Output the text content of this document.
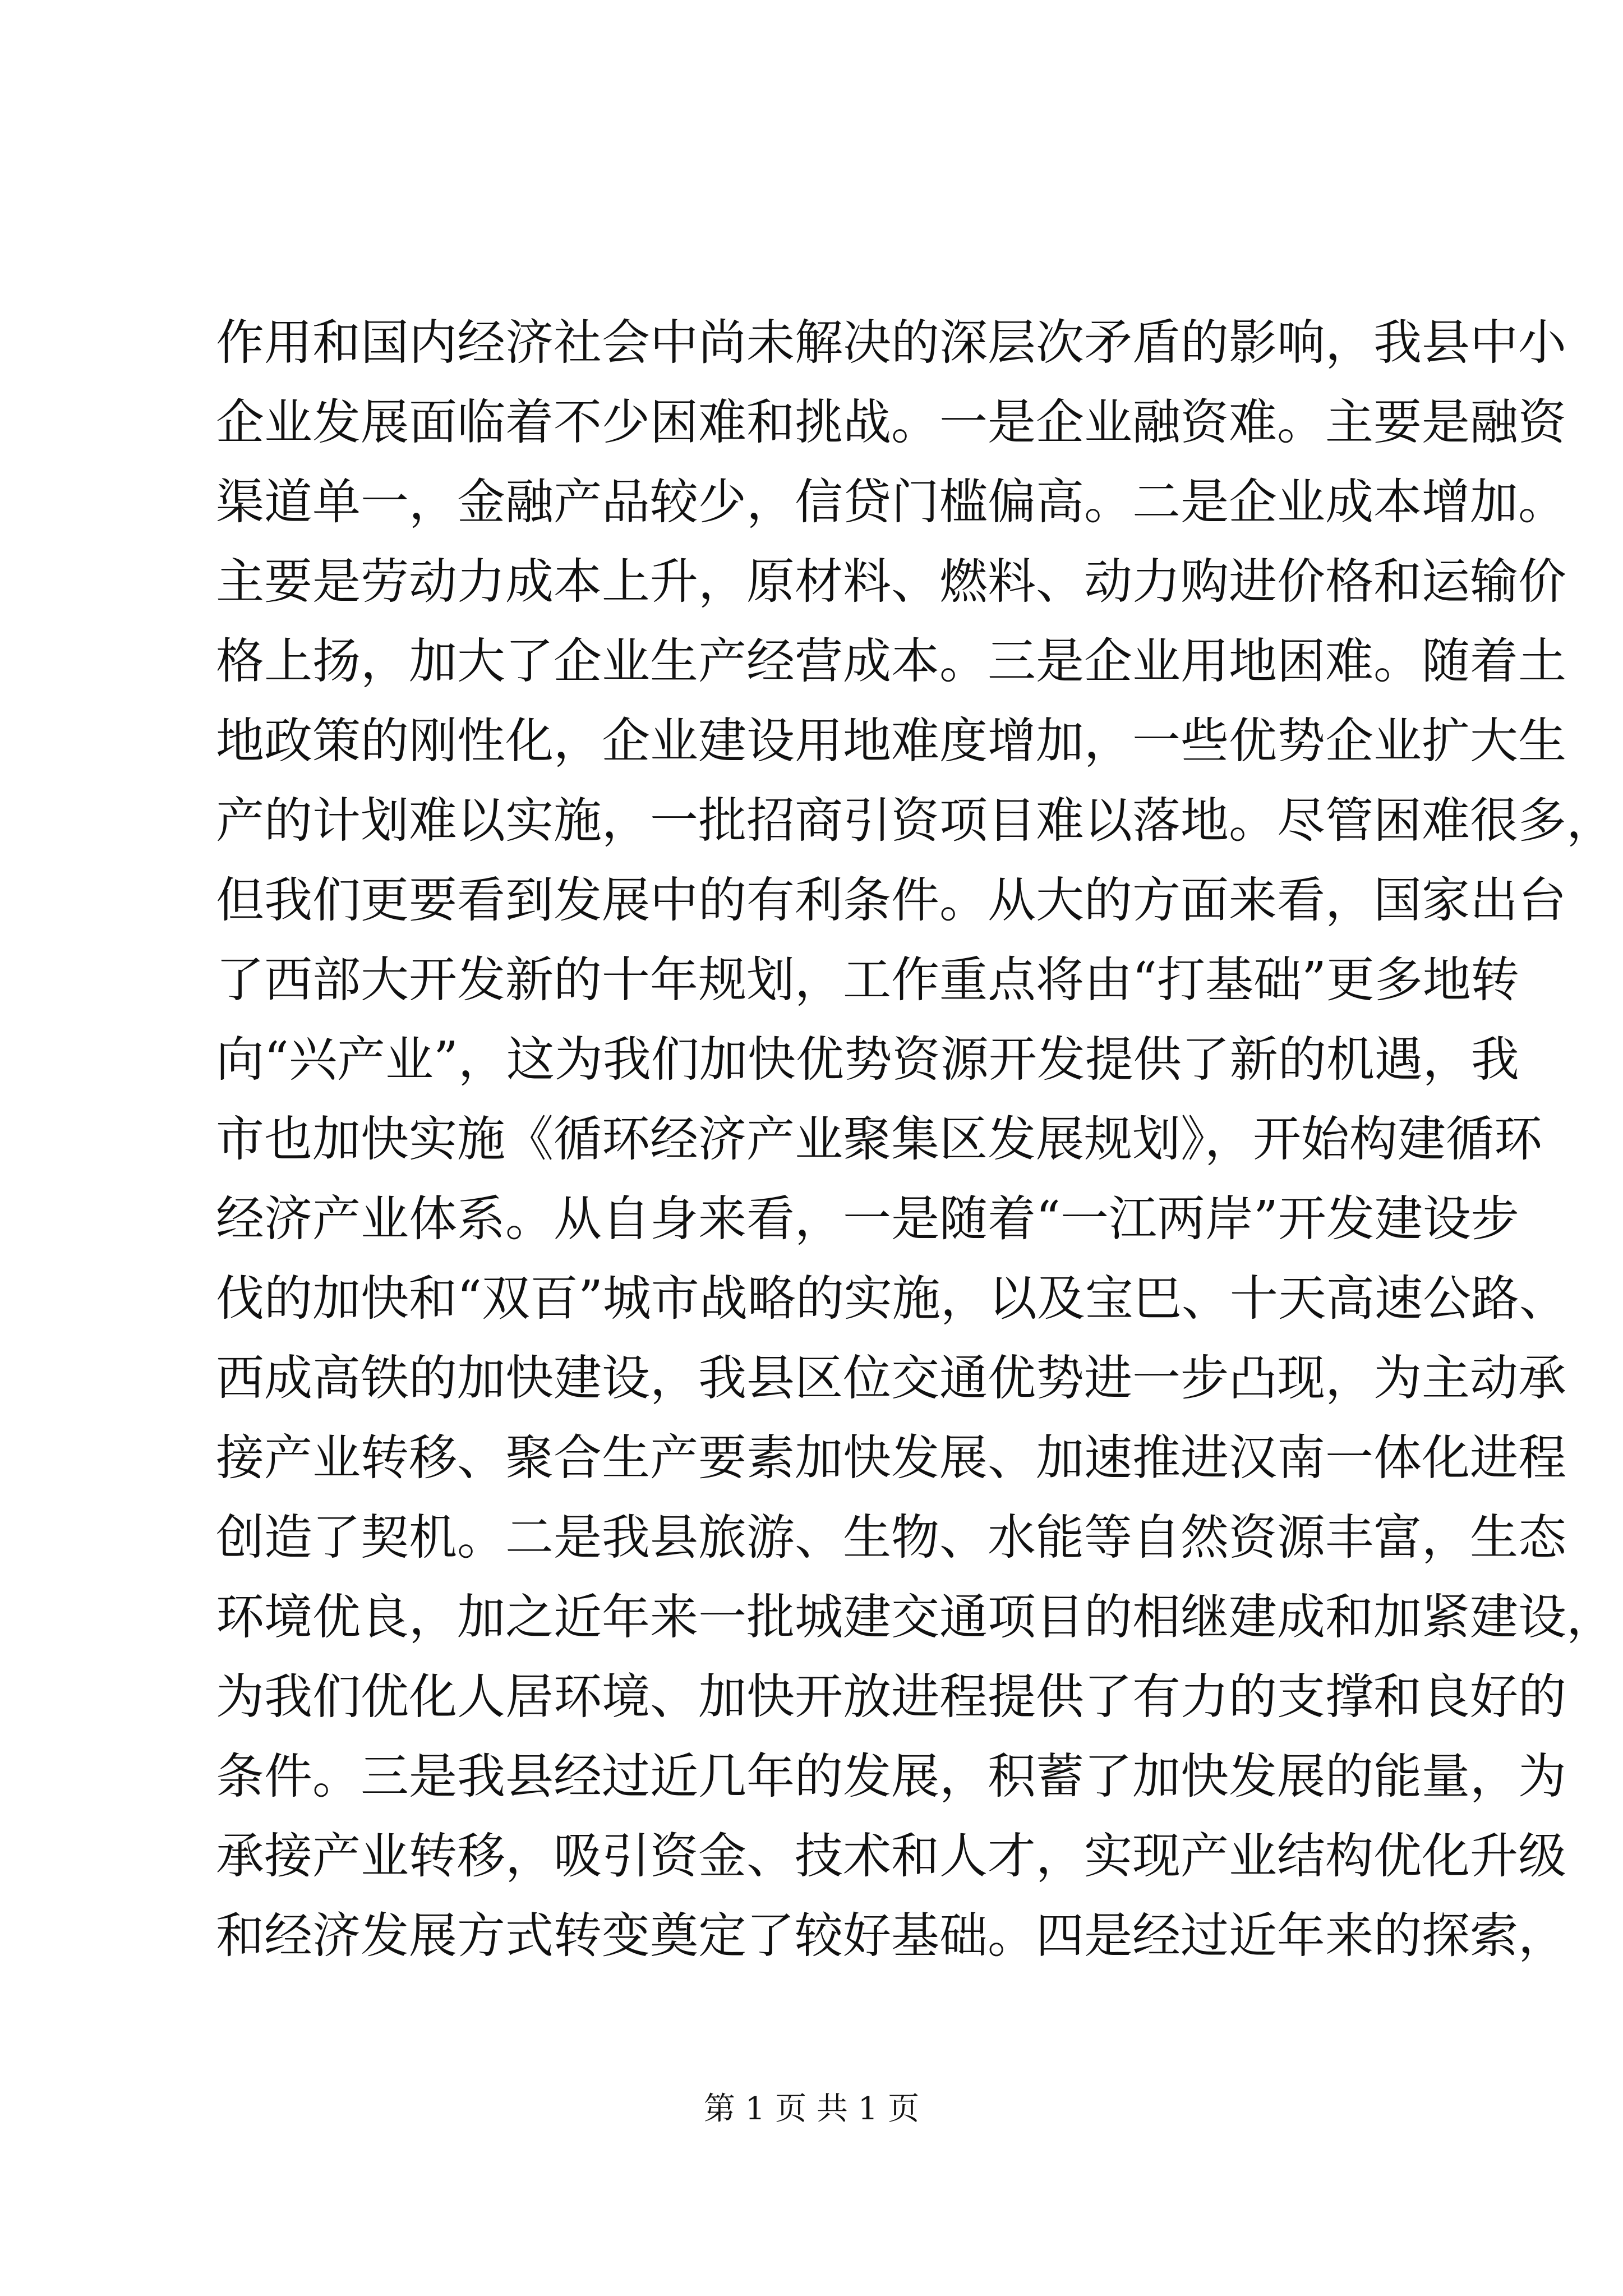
作用和国内经济社会中尚未解决的深层次矛盾的影响，我县中小
企业发展面临着不少困难和挑战。一是企业融资难。主要是融资
渠道单一，金融产品较少，信贷门槛偏高。二是企业成本增加。
主要是劳动力成本上升，原材料、燃料、动力购进价格和运输价
格上扬，加大了企业生产经营成本。三是企业用地困难。随着土
地政策的刚性化，企业建设用地难度增加，一些优势企业扩大生
产的计划难以实施，一批招商引资项目难以落地。尽管困难很多，
但我们更要看到发展中的有利条件。从大的方面来看，国家出台
了西部大开发新的十年规划，工作重点将由“打基础”更多地转
向“兴产业”，这为我们加快优势资源开发提供了新的机遇，我
市也加快实施《循环经济产业聚集区发展规划》，开始构建循环
经济产业体系。从自身来看，一是随着“一江两岸”开发建设步
伐的加快和“双百”城市战略的实施，以及宝巴、十天高速公路、
西成高铁的加快建设，我县区位交通优势进一步凸现，为主动承
接产业转移、聚合生产要素加快发展、加速推进汉南一体化进程
创造了契机。二是我县旅游、生物、水能等自然资源丰富，生态
环境优良，加之近年来一批城建交通项目的相继建成和加紧建设，
为我们优化人居环境、加快开放进程提供了有力的支撑和良好的
条件。三是我县经过近几年的发展，积蓄了加快发展的能量，为
承接产业转移，吸引资金、技术和人才，实现产业结构优化升级
和经济发展方式转变奠定了较好基础。四是经过近年来的探索，
第 1 页 共 1 页
